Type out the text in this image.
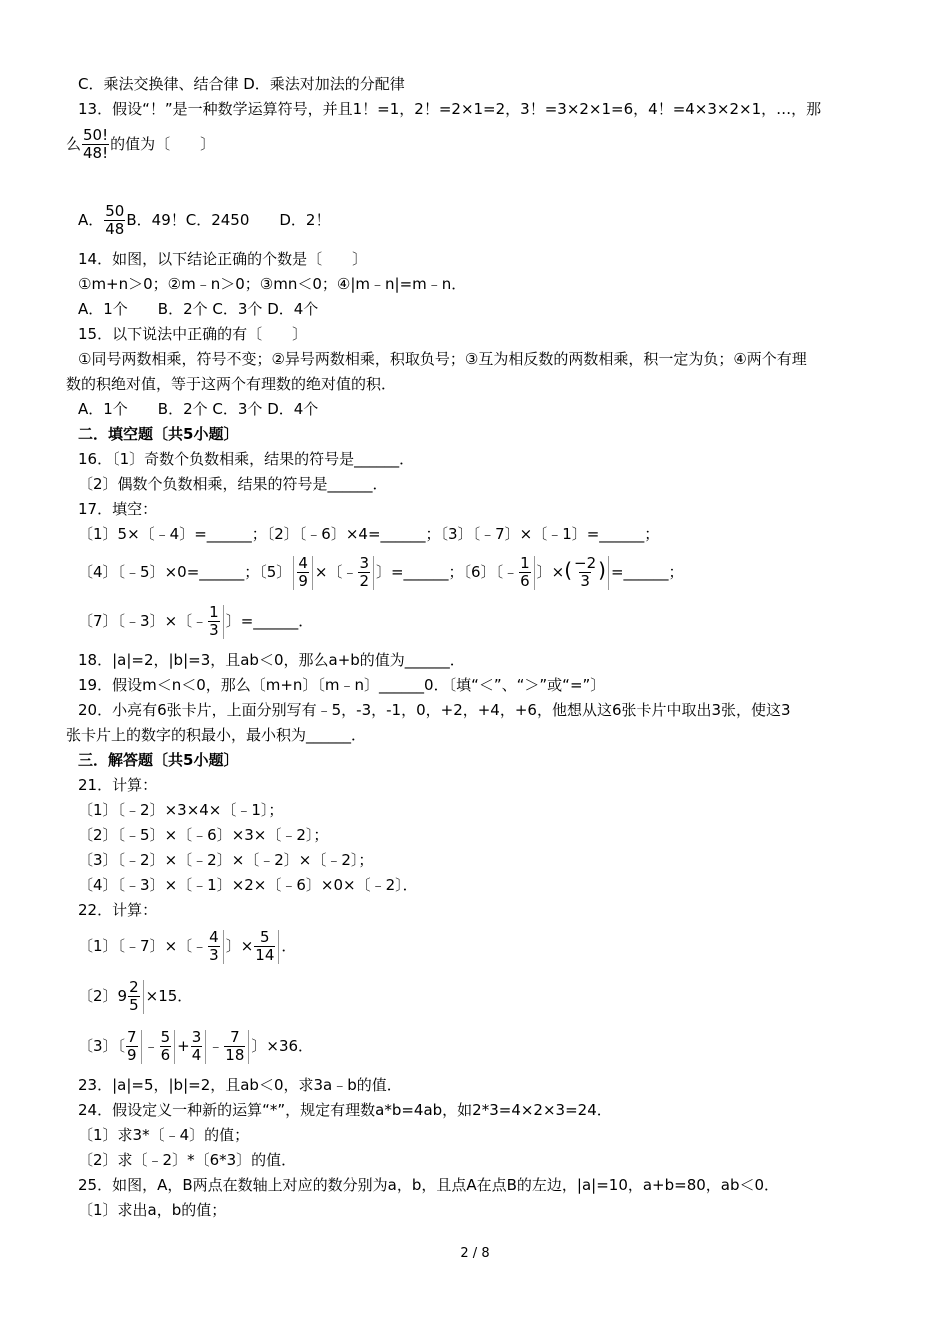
C．乘法交换律、结合律 D．乘法对加法的分配律
13．假设“！”是一种数学运算符号，并且1！=1，2！=2×1=2，3！=3×2×1=6，4！=4×3×2×1，…，那
么 $\frac{50!}{48!}$ 的值为〔　　〕
A． $\frac{50}{48}$ B．49！C．2450　　D．2！
14．如图，以下结论正确的个数是〔　　〕
①m+n＞0；②m﹣n＞0；③mn＜0；④|m﹣n|=m﹣n．
A．1个　　B．2个 C．3个 D．4个
15．以下说法中正确的有〔　　〕
①同号两数相乘，符号不变；②异号两数相乘，积取负号；③互为相反数的两数相乘，积一定为负；④两个有理
数的积绝对值，等于这两个有理数的绝对值的积．
A．1个　　B．2个 C．3个 D．4个
二．填空题〔共5小题〕
16．〔1〕奇数个负数相乘，结果的符号是______．
〔2〕偶数个负数相乘，结果的符号是______．
17．填空：
〔1〕5×〔﹣4〕=______；〔2〕〔﹣6〕×4=______；〔3〕〔﹣7〕×〔﹣1〕=______；
〔4〕〔﹣5〕×0=______；〔5〕 $\frac{4}{9}$ ×〔﹣ $\frac{3}{2}$ 〕=______；〔6〕〔﹣ $\frac{1}{6}$ 〕×( $\frac{-2}{3}$ ) =______；
〔7〕〔﹣3〕×〔﹣ $\frac{1}{3}$ 〕=______．
18．|a|=2，|b|=3，且ab＜0，那么a+b的值为______．
19．假设m＜n＜0，那么〔m+n〕〔m﹣n〕______0．〔填“＜”、“＞”或“=”〕
20．小亮有6张卡片，上面分别写有﹣5，-3，-1，0，+2，+4，+6，他想从这6张卡片中取出3张，使这3
张卡片上的数字的积最小，最小积为______．
三．解答题〔共5小题〕
21．计算：
〔1〕〔﹣2〕×3×4×〔﹣1〕；
〔2〕〔﹣5〕×〔﹣6〕×3×〔﹣2〕；
〔3〕〔﹣2〕×〔﹣2〕×〔﹣2〕×〔﹣2〕；
〔4〕〔﹣3〕×〔﹣1〕×2×〔﹣6〕×0×〔﹣2〕．
22．计算：
〔1〕〔﹣7〕×〔﹣ $\frac{4}{3}$ 〕× $\frac{5}{14}$ ．
〔2〕$9 \frac{2}{5} \times 15$．
〔3〕〔 $\frac{7}{9}$ ﹣ $\frac{5}{6} + \frac{3}{4}$ ﹣ $\frac{7}{18}$ 〕×36．
23．|a|=5，|b|=2，且ab＜0，求3a﹣b的值．
24．假设定义一种新的运算“*”，规定有理数a*b=4ab，如2*3=4×2×3=24．
〔1〕求3*〔﹣4〕的值；
〔2〕求〔﹣2〕*〔6*3〕的值．
25．如图，A，B两点在数轴上对应的数分别为a，b，且点A在点B的左边，|a|=10，a+b=80，ab＜0．
〔1〕求出a，b的值；
2 / 8
